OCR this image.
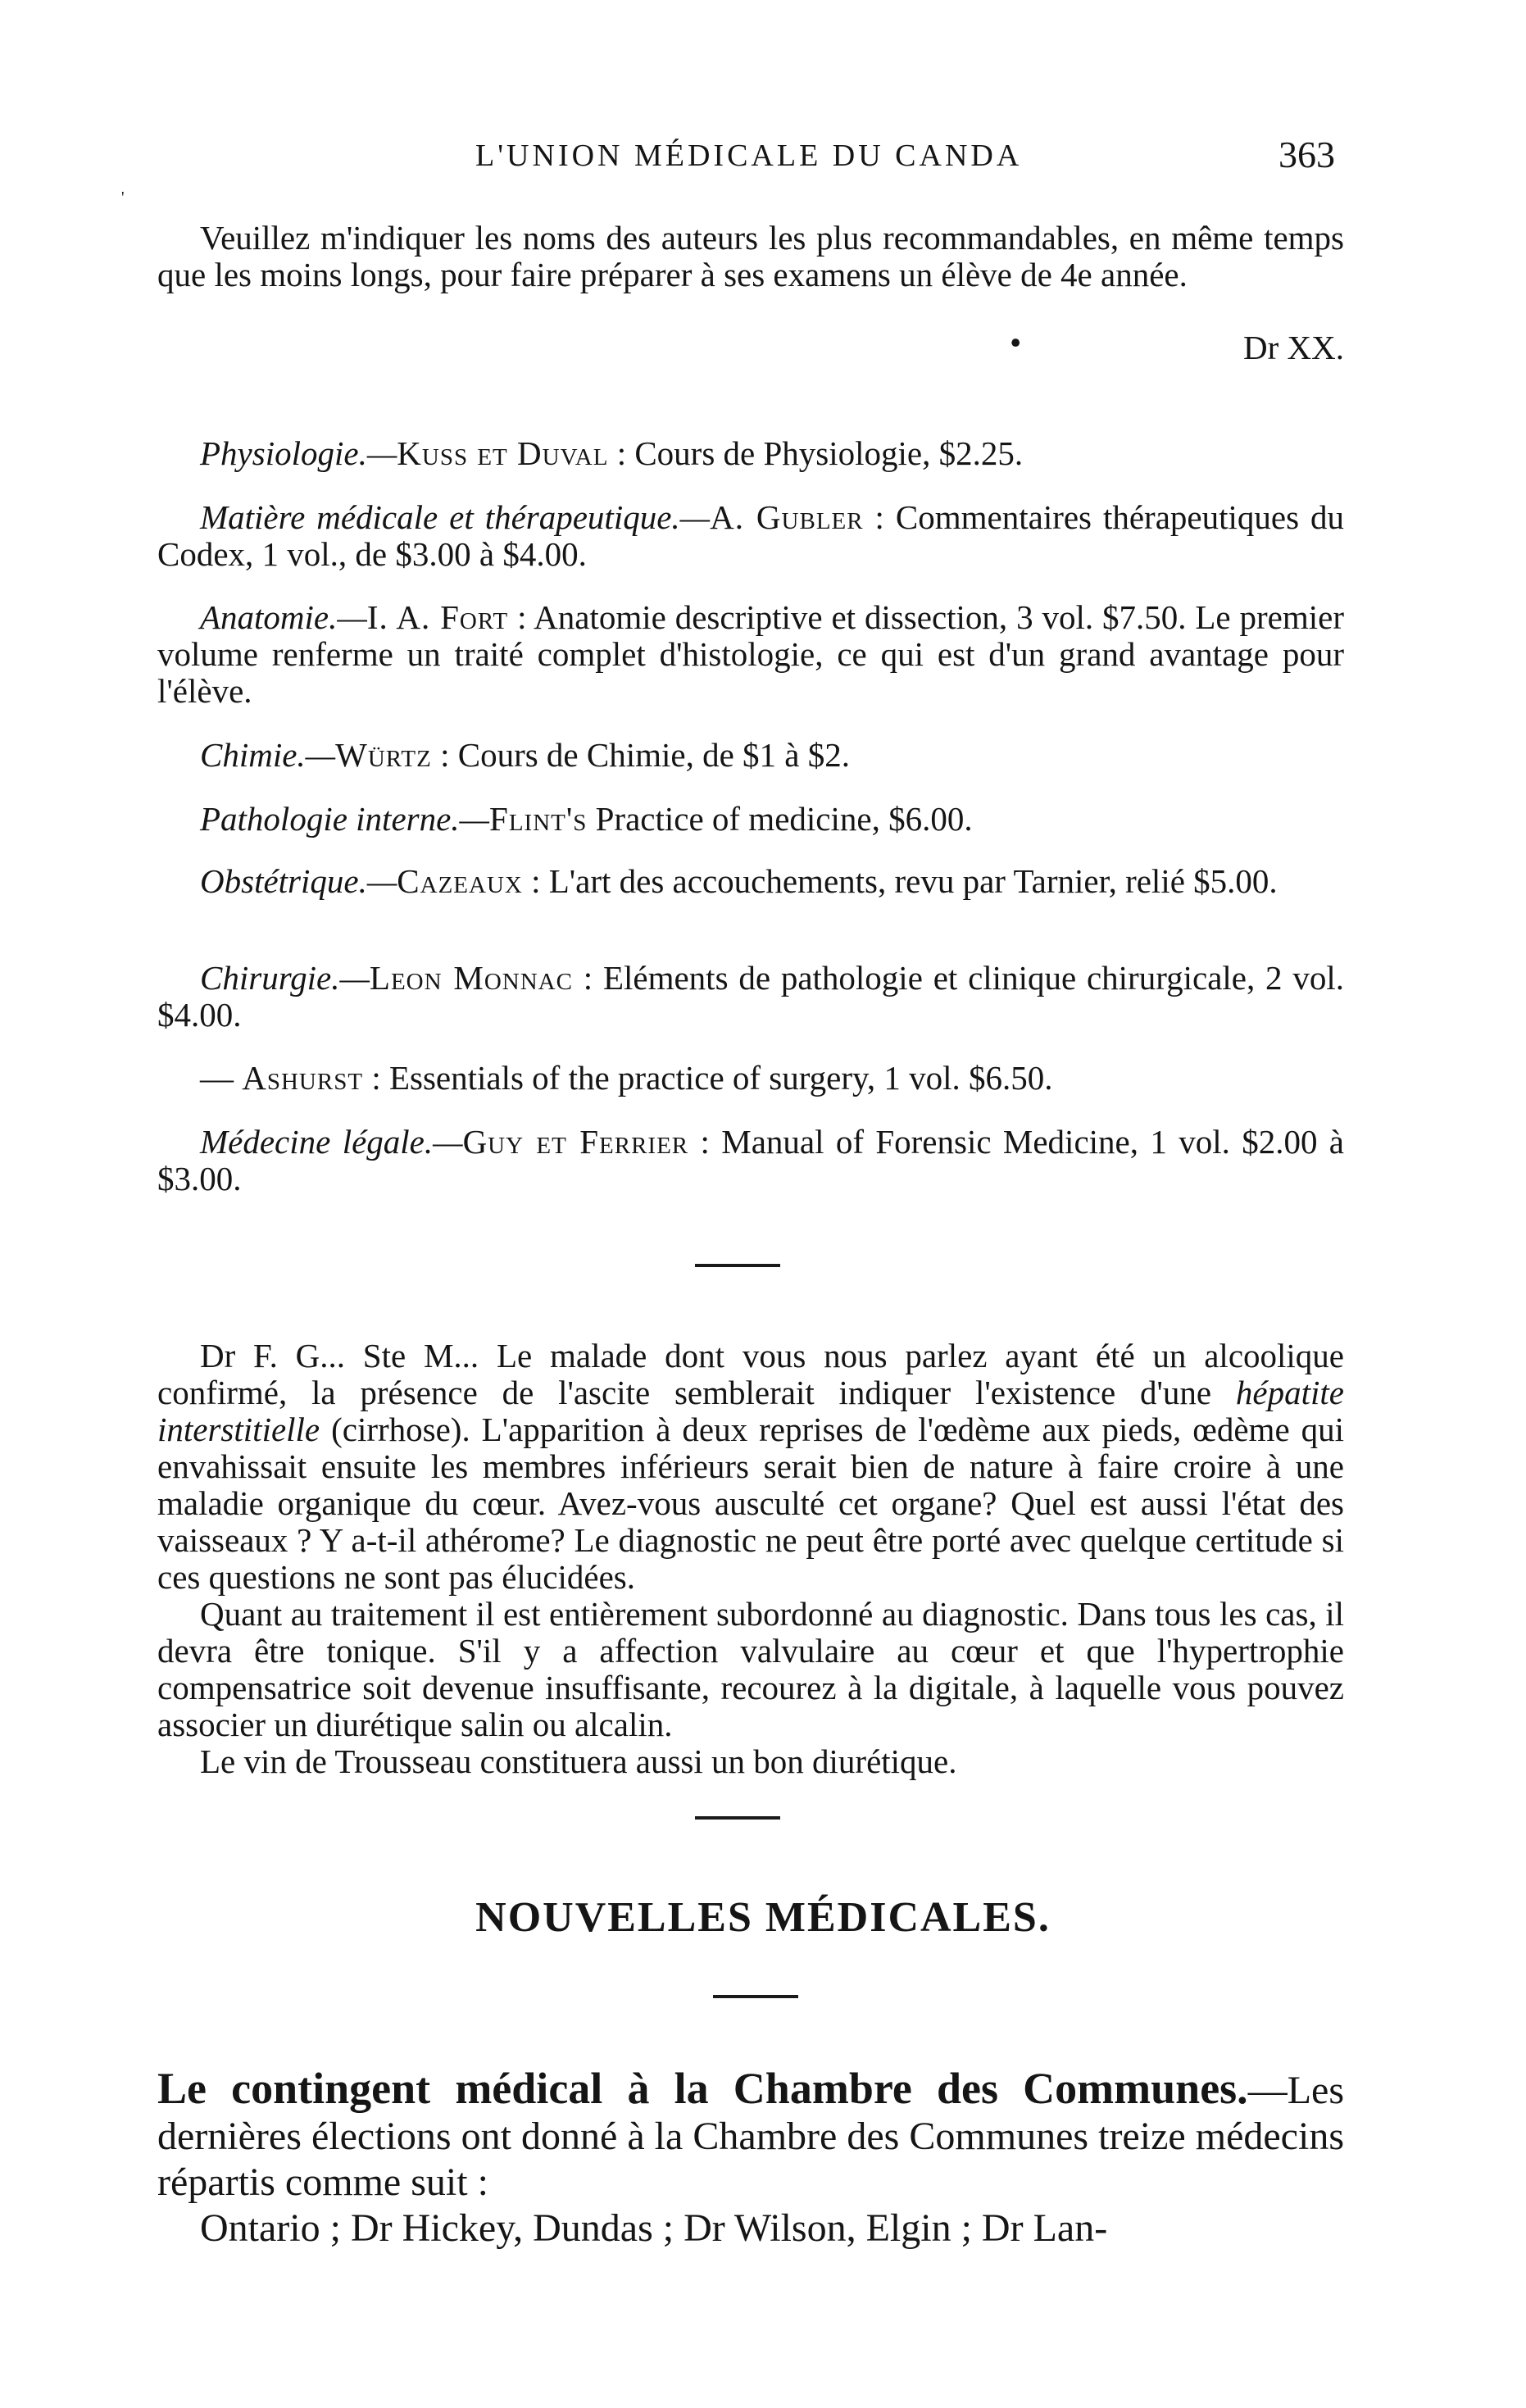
L'UNION MÉDICALE DU CANDA	363
'

Veuillez m'indiquer les noms des auteurs les plus recommandables, en même temps que les moins longs, pour faire préparer à ses examens un élève de 4e année.

•	Dr XX.

Physiologie.—Kuss et Duval : Cours de Physiologie, $2.25.

Matière médicale et thérapeutique.—A. Gubler : Commentaires thérapeutiques du Codex, 1 vol., de $3.00 à $4.00.

Anatomie.—I. A. Fort : Anatomie descriptive et dissection, 3 vol. $7.50. Le premier volume renferme un traité complet d'histologie, ce qui est d'un grand avantage pour l'élève.

Chimie.—Würtz : Cours de Chimie, de $1 à $2.

Pathologie interne.—Flint's Practice of medicine, $6.00.

Obstétrique.—Cazeaux : L'art des accouchements, revu par Tarnier, relié $5.00.

Chirurgie.—Leon Monnac : Eléments de pathologie et clinique chirurgicale, 2 vol. $4.00.

— Ashurst : Essentials of the practice of surgery, 1 vol. $6.50.

Médecine légale.—Guy et Ferrier : Manual of Forensic Medicine, 1 vol. $2.00 à $3.00.

Dr F. G... Ste M... Le malade dont vous nous parlez ayant été un alcoolique confirmé, la présence de l'ascite semblerait indiquer l'existence d'une hépatite interstitielle (cirrhose). L'apparition à deux reprises de l'œdème aux pieds, œdème qui envahissait ensuite les membres inférieurs serait bien de nature à faire croire à une maladie organique du cœur. Avez-vous ausculté cet organe? Quel est aussi l'état des vaisseaux ? Y a-t-il athérome? Le diagnostic ne peut être porté avec quelque certitude si ces questions ne sont pas élucidées.

Quant au traitement il est entièrement subordonné au diagnostic. Dans tous les cas, il devra être tonique. S'il y a affection valvulaire au cœur et que l'hypertrophie compensatrice soit devenue insuffisante, recourez à la digitale, à laquelle vous pouvez associer un diurétique salin ou alcalin.

Le vin de Trousseau constituera aussi un bon diurétique.

NOUVELLES MÉDICALES.

Le contingent médical à la Chambre des Communes.—Les dernières élections ont donné à la Chambre des Communes treize médecins répartis comme suit :

Ontario ; Dr Hickey, Dundas ; Dr Wilson, Elgin ; Dr Lan-
